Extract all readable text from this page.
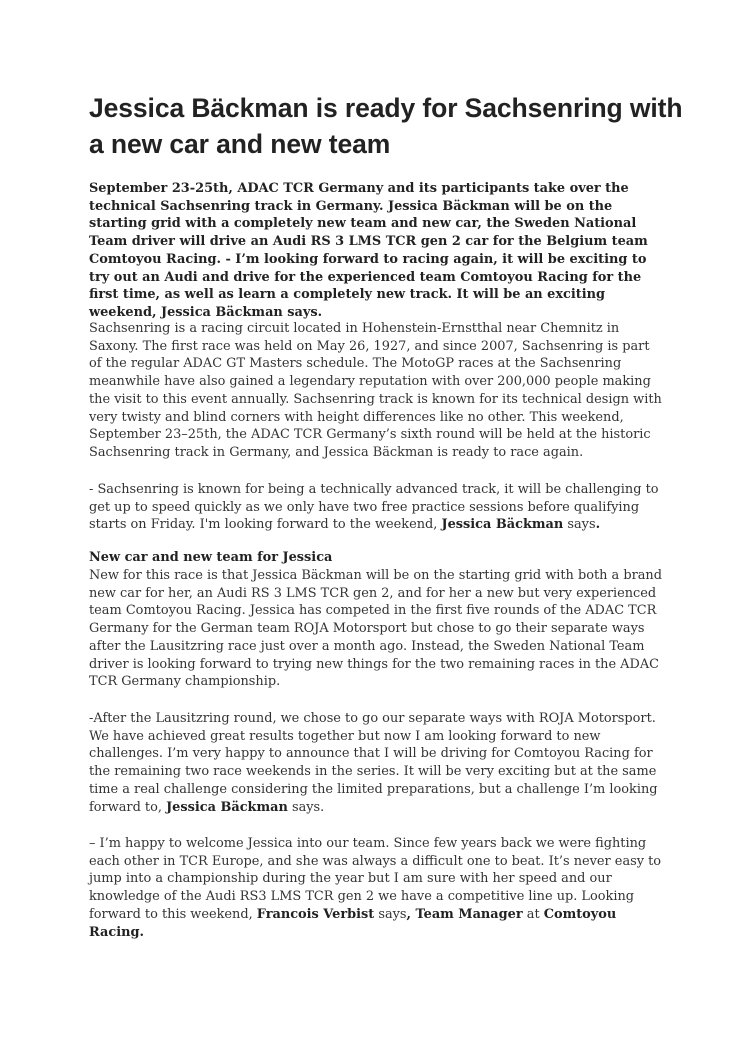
Jessica Bäckman is ready for Sachsenring with a new car and new team

September 23-25th, ADAC TCR Germany and its participants take over the technical Sachsenring track in Germany. Jessica Bäckman will be on the starting grid with a completely new team and new car, the Sweden National Team driver will drive an Audi RS 3 LMS TCR gen 2 car for the Belgium team Comtoyou Racing. - I’m looking forward to racing again, it will be exciting to try out an Audi and drive for the experienced team Comtoyou Racing for the first time, as well as learn a completely new track. It will be an exciting weekend, Jessica Bäckman says.

Sachsenring is a racing circuit located in Hohenstein-Ernstthal near Chemnitz in Saxony. The first race was held on May 26, 1927, and since 2007, Sachsenring is part of the regular ADAC GT Masters schedule. The MotoGP races at the Sachsenring meanwhile have also gained a legendary reputation with over 200,000 people making the visit to this event annually. Sachsenring track is known for its technical design with very twisty and blind corners with height differences like no other. This weekend, September 23–25th, the ADAC TCR Germany’s sixth round will be held at the historic Sachsenring track in Germany, and Jessica Bäckman is ready to race again.

- Sachsenring is known for being a technically advanced track, it will be challenging to get up to speed quickly as we only have two free practice sessions before qualifying starts on Friday. I'm looking forward to the weekend, Jessica Bäckman says.

New car and new team for Jessica

New for this race is that Jessica Bäckman will be on the starting grid with both a brand new car for her, an Audi RS 3 LMS TCR gen 2, and for her a new but very experienced team Comtoyou Racing. Jessica has competed in the first five rounds of the ADAC TCR Germany for the German team ROJA Motorsport but chose to go their separate ways after the Lausitzring race just over a month ago. Instead, the Sweden National Team driver is looking forward to trying new things for the two remaining races in the ADAC TCR Germany championship.

-After the Lausitzring round, we chose to go our separate ways with ROJA Motorsport. We have achieved great results together but now I am looking forward to new challenges. I’m very happy to announce that I will be driving for Comtoyou Racing for the remaining two race weekends in the series. It will be very exciting but at the same time a real challenge considering the limited preparations, but a challenge I’m looking forward to, Jessica Bäckman says.

– I’m happy to welcome Jessica into our team. Since few years back we were fighting each other in TCR Europe, and she was always a difficult one to beat. It’s never easy to jump into a championship during the year but I am sure with her speed and our knowledge of the Audi RS3 LMS TCR gen 2 we have a competitive line up. Looking forward to this weekend, Francois Verbist says, Team Manager at Comtoyou Racing.
